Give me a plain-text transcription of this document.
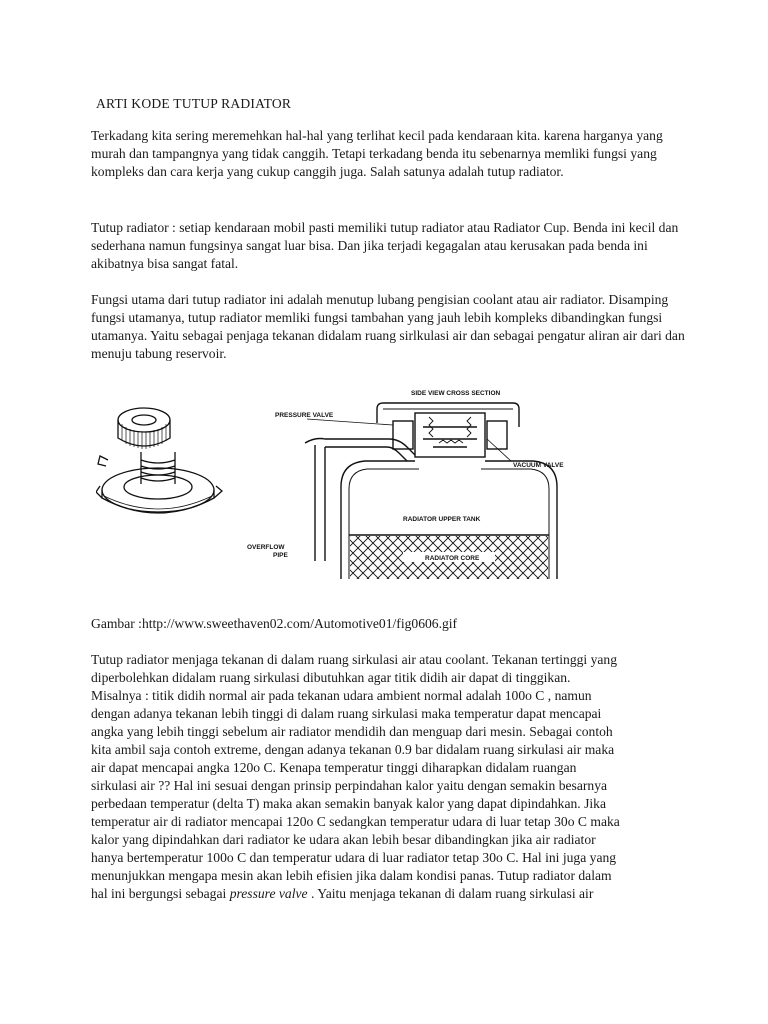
ARTI KODE TUTUP RADIATOR

Terkadang kita sering meremehkan hal-hal yang terlihat kecil pada kendaraan kita. karena harganya yang murah dan tampangnya yang tidak canggih. Tetapi terkadang benda itu sebenarnya memliki fungsi yang kompleks dan cara kerja yang cukup canggih juga. Salah satunya adalah tutup radiator.

Tutup radiator : setiap kendaraan mobil pasti memiliki tutup radiator atau Radiator Cup. Benda ini kecil dan sederhana namun fungsinya sangat luar bisa. Dan jika terjadi kegagalan atau kerusakan pada benda ini akibatnya bisa sangat fatal.

Fungsi utama dari tutup radiator ini adalah menutup lubang pengisian coolant atau air radiator. Disamping fungsi utamanya, tutup radiator memliki fungsi tambahan yang jauh lebih kompleks dibandingkan fungsi utamanya. Yaitu sebagai penjaga tekanan didalam ruang sirlkulasi air dan sebagai pengatur aliran air dari dan menuju tabung reservoir.

SIDE VIEW CROSS SECTION
PRESSURE VALVE
VACUUM VALVE
RADIATOR UPPER TANK
OVERFLOW
PIPE	RADIATOR CORE

Gambar :http://www.sweethaven02.com/Automotive01/fig0606.gif

Tutup radiator menjaga tekanan di dalam ruang sirkulasi air atau coolant. Tekanan tertinggi yang
diperbolehkan didalam ruang sirkulasi dibutuhkan agar titik didih air dapat di tinggikan.
Misalnya : titik didih normal air pada tekanan udara ambient normal adalah 100o C , namun
dengan adanya tekanan lebih tinggi di dalam ruang sirkulasi maka temperatur dapat mencapai
angka yang lebih tinggi sebelum air radiator mendidih dan menguap dari mesin. Sebagai contoh
kita ambil saja contoh extreme, dengan adanya tekanan 0.9 bar didalam ruang sirkulasi air maka
air dapat mencapai angka 120o C. Kenapa temperatur tinggi diharapkan didalam ruangan
sirkulasi air ?? Hal ini sesuai dengan prinsip perpindahan kalor yaitu dengan semakin besarnya
perbedaan temperatur (delta T) maka akan semakin banyak kalor yang dapat dipindahkan. Jika
temperatur air di radiator mencapai 120o C sedangkan temperatur udara di luar tetap 30o C maka
kalor yang dipindahkan dari radiator ke udara akan lebih besar dibandingkan jika air radiator
hanya bertemperatur 100o C dan temperatur udara di luar radiator tetap 30o C. Hal ini juga yang
menunjukkan mengapa mesin akan lebih efisien jika dalam kondisi panas. Tutup radiator dalam
hal ini bergungsi sebagai pressure valve . Yaitu menjaga tekanan di dalam ruang sirkulasi air
